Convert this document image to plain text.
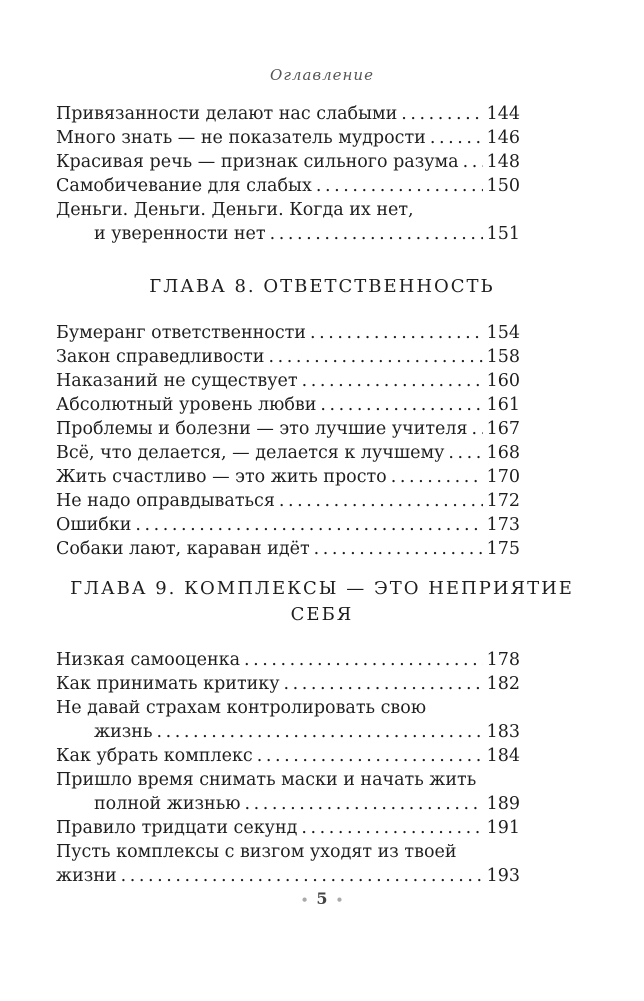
Оглавление
Привязанности делают нас слабыми . . .	144
Много знать — не показатель мудрости . . .	146
Красивая речь — признак сильного разума . . . 148
Самобичевание для слабых . . .	150
Деньги. Деньги. Деньги. Когда их нет,
и уверенности нет . . .	151
ГЛАВА 8. ОТВЕТСТВЕННОСТЬ
Бумеранг ответственности . . .	154
Закон справедливости . . .	158
Наказаний не существует . . .	160
Абсолютный уровень любви . . .	161
Проблемы и болезни — это лучшие учителя . . . 167
Всё, что делается, — делается к лучшему . . . 168
Жить счастливо — это жить просто . . .	170
Не надо оправдываться . . .	172
Ошибки . . .	173
Собаки лают, караван идёт . . .	175
ГЛАВА 9. КОМПЛЕКСЫ — ЭТО НЕПРИЯТИЕ
СЕБЯ
Низкая самооценка . . .	178
Как принимать критику . . .	182
Не давай страхам контролировать свою
жизнь . . .	183
Как убрать комплекс . . .	184
Пришло время снимать маски и начать жить
полной жизнью . . .	189
Правило тридцати секунд . . .	191
Пусть комплексы с визгом уходят из твоей
жизни . . .	193
• 5 •
